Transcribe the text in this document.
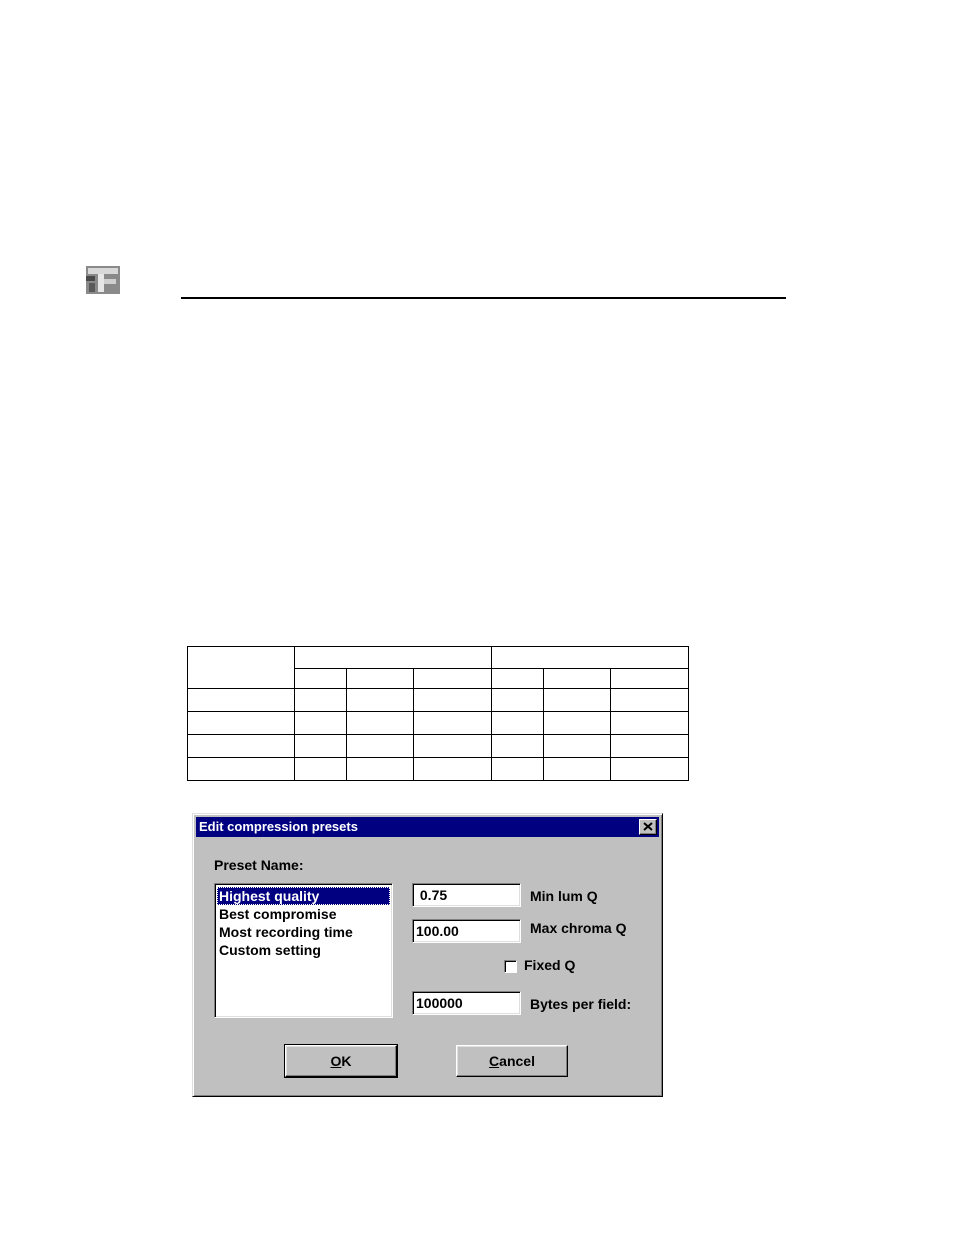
Edit compression presets
Preset Name:
Highest quality
Best compromise
Most recording time
Custom setting
0.75
Min lum Q
100.00
Max chroma Q
Fixed Q
100000
Bytes per field:
O K	C ancel
